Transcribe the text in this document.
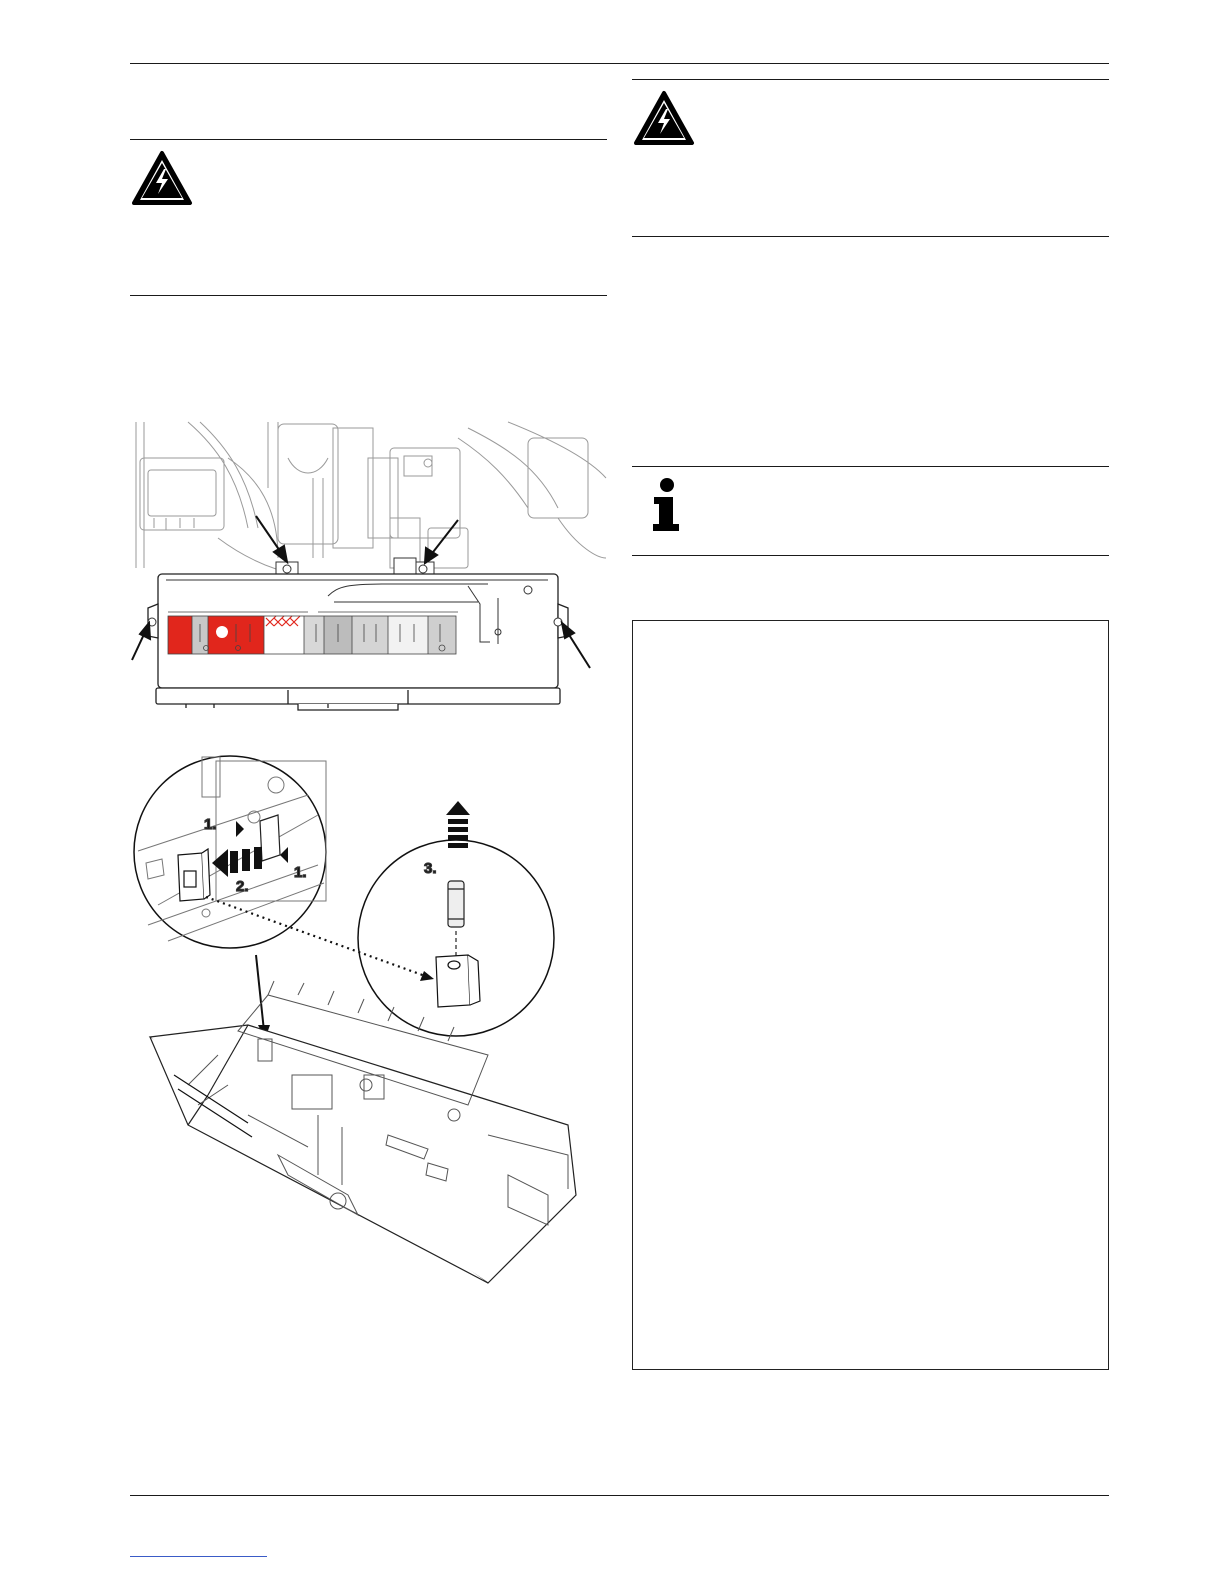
1.
1.
2.
3.
